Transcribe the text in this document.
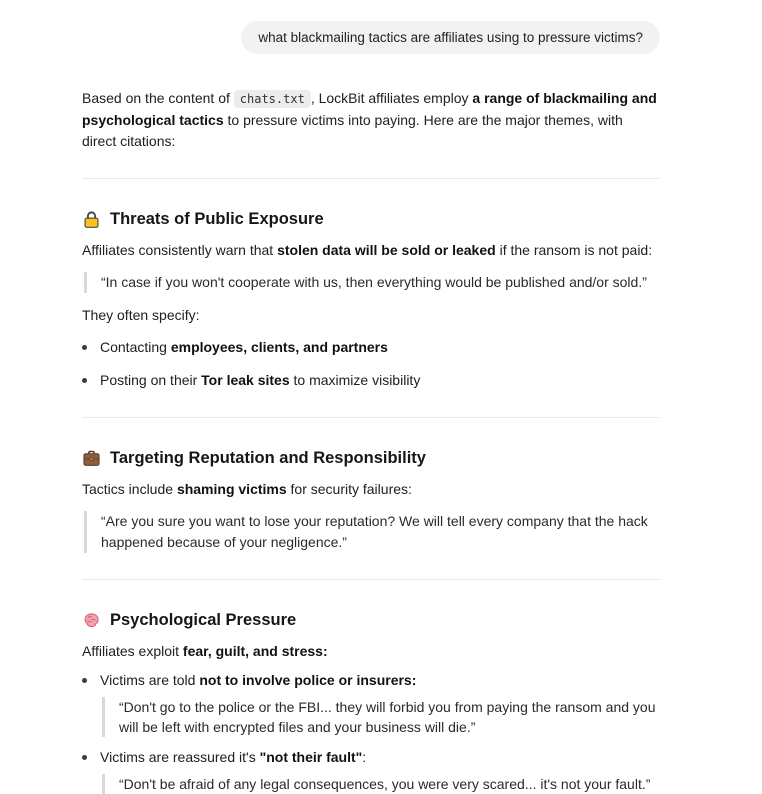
what blackmailing tactics are affiliates using to pressure victims?

Based on the content of chats.txt , LockBit affiliates employ a range of blackmailing and psychological tactics to pressure victims into paying. Here are the major themes, with direct citations:

Threats of Public Exposure

Affiliates consistently warn that stolen data will be sold or leaked if the ransom is not paid:

“In case if you won't cooperate with us, then everything would be published and/or sold.”

They often specify:

Contacting employees, clients, and partners
Posting on their Tor leak sites to maximize visibility
Targeting Reputation and Responsibility

Tactics include shaming victims for security failures:

“Are you sure you want to lose your reputation? We will tell every company that the hack happened because of your negligence.”

Psychological Pressure

Affiliates exploit fear, guilt, and stress:

Victims are told not to involve police or insurers:

“Don't go to the police or the FBI... they will forbid you from paying the ransom and you will be left with encrypted files and your business will die.”

Victims are reassured it's "not their fault":

“Don't be afraid of any legal consequences, you were very scared... it's not your fault.”
